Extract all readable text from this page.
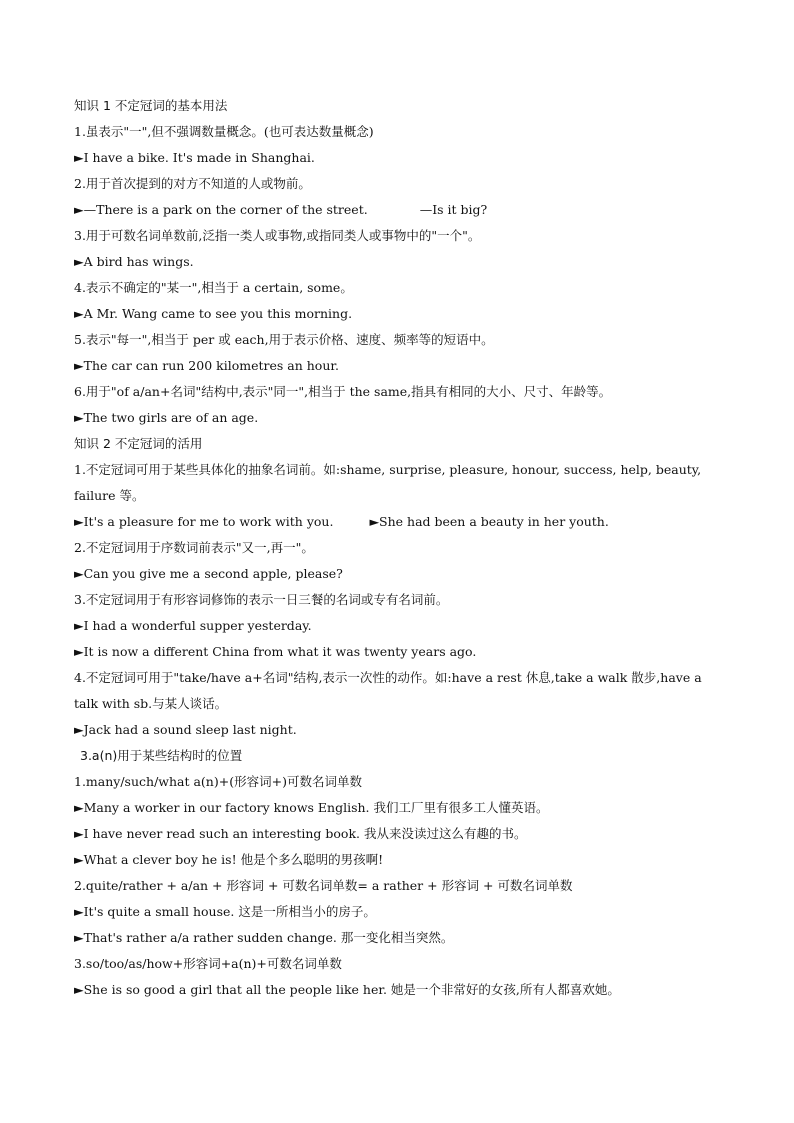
知识 1 不定冠词的基本用法
1.虽表示"一",但不强调数量概念。(也可表达数量概念)
►I have a bike. It's made in Shanghai.
2.用于首次提到的对方不知道的人或物前。
►—There is a park on the corner of the street.	—Is it big?
3.用于可数名词单数前,泛指一类人或事物,或指同类人或事物中的"一个"。
►A bird has wings.
4.表示不确定的"某一",相当于 a certain, some。
►A Mr. Wang came to see you this morning.
5.表示"每一",相当于 per 或 each,用于表示价格、速度、频率等的短语中。
►The car can run 200 kilometres an hour.
6.用于"of a/an+名词"结构中,表示"同一",相当于 the same,指具有相同的大小、尺寸、年龄等。
►The two girls are of an age.
知识 2 不定冠词的活用
1.不定冠词可用于某些具体化的抽象名词前。如:shame, surprise, pleasure, honour, success, help, beauty, failure 等。
►It's a pleasure for me to work with you.	►She had been a beauty in her youth.
2.不定冠词用于序数词前表示"又一,再一"。
►Can you give me a second apple, please?
3.不定冠词用于有形容词修饰的表示一日三餐的名词或专有名词前。
►I had a wonderful supper yesterday.
►It is now a different China from what it was twenty years ago.
4.不定冠词可用于"take/have a+名词"结构,表示一次性的动作。如:have a rest 休息,take a walk 散步,have a talk with sb.与某人谈话。
►Jack had a sound sleep last night.
3.a(n)用于某些结构时的位置
1.many/such/what a(n)+(形容词+)可数名词单数
►Many a worker in our factory knows English. 我们工厂里有很多工人懂英语。
►I have never read such an interesting book. 我从来没读过这么有趣的书。
►What a clever boy he is! 他是个多么聪明的男孩啊!
2.quite/rather + a/an + 形容词 + 可数名词单数= a rather + 形容词 + 可数名词单数
►It's quite a small house. 这是一所相当小的房子。
►That's rather a/a rather sudden change. 那一变化相当突然。
3.so/too/as/how+形容词+a(n)+可数名词单数
►She is so good a girl that all the people like her. 她是一个非常好的女孩,所有人都喜欢她。
